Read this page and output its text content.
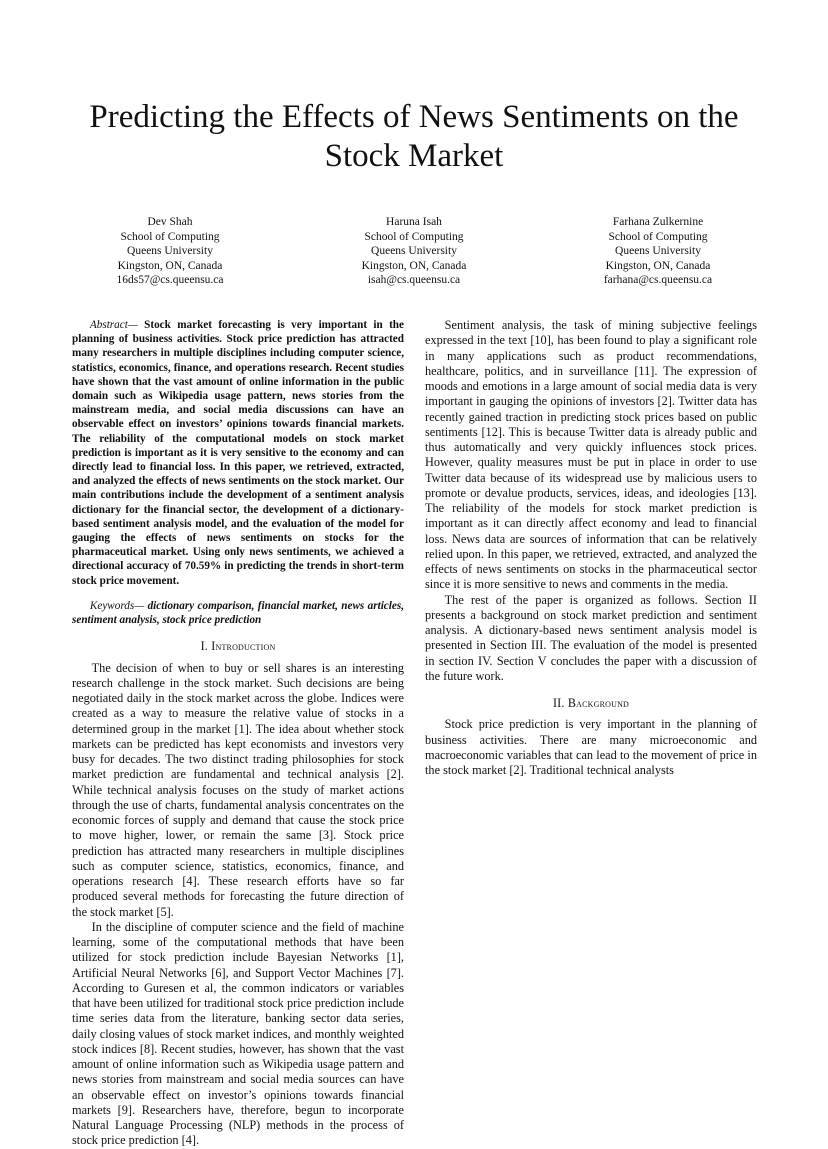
Predicting the Effects of News Sentiments on the Stock Market
Dev Shah
School of Computing
Queens University
Kingston, ON, Canada
16ds57@cs.queensu.ca
Haruna Isah
School of Computing
Queens University
Kingston, ON, Canada
isah@cs.queensu.ca
Farhana Zulkernine
School of Computing
Queens University
Kingston, ON, Canada
farhana@cs.queensu.ca

Abstract— Stock market forecasting is very important in the planning of business activities. Stock price prediction has attracted many researchers in multiple disciplines including computer science, statistics, economics, finance, and operations research. Recent studies have shown that the vast amount of online information in the public domain such as Wikipedia usage pattern, news stories from the mainstream media, and social media discussions can have an observable effect on investors’ opinions towards financial markets. The reliability of the computational models on stock market prediction is important as it is very sensitive to the economy and can directly lead to financial loss. In this paper, we retrieved, extracted, and analyzed the effects of news sentiments on the stock market. Our main contributions include the development of a sentiment analysis dictionary for the financial sector, the development of a dictionary-based sentiment analysis model, and the evaluation of the model for gauging the effects of news sentiments on stocks for the pharmaceutical market. Using only news sentiments, we achieved a directional accuracy of 70.59% in predicting the trends in short-term stock price movement.

Keywords— dictionary comparison, financial market, news articles, sentiment analysis, stock price prediction

I. Introduction

The decision of when to buy or sell shares is an interesting research challenge in the stock market. Such decisions are being negotiated daily in the stock market across the globe. Indices were created as a way to measure the relative value of stocks in a determined group in the market [1]. The idea about whether stock markets can be predicted has kept economists and investors very busy for decades. The two distinct trading philosophies for stock market prediction are fundamental and technical analysis [2]. While technical analysis focuses on the study of market actions through the use of charts, fundamental analysis concentrates on the economic forces of supply and demand that cause the stock price to move higher, lower, or remain the same [3]. Stock price prediction has attracted many researchers in multiple disciplines such as computer science, statistics, economics, finance, and operations research [4]. These research efforts have so far produced several methods for forecasting the future direction of the stock market [5].

In the discipline of computer science and the field of machine learning, some of the computational methods that have been utilized for stock prediction include Bayesian Networks [1], Artificial Neural Networks [6], and Support Vector Machines [7]. According to Guresen et al, the common indicators or variables that have been utilized for traditional stock price prediction include time series data from the literature, banking sector data series, daily closing values of stock market indices, and monthly weighted stock indices [8]. Recent studies, however, has shown that the vast amount of online information such as Wikipedia usage pattern and news stories from mainstream and social media sources can have an observable effect on investor’s opinions towards financial markets [9]. Researchers have, therefore, begun to incorporate Natural Language Processing (NLP) methods in the process of stock price prediction [4].

Sentiment analysis, the task of mining subjective feelings expressed in the text [10], has been found to play a significant role in many applications such as product recommendations, healthcare, politics, and in surveillance [11]. The expression of moods and emotions in a large amount of social media data is very important in gauging the opinions of investors [2]. Twitter data has recently gained traction in predicting stock prices based on public sentiments [12]. This is because Twitter data is already public and thus automatically and very quickly influences stock prices. However, quality measures must be put in place in order to use Twitter data because of its widespread use by malicious users to promote or devalue products, services, ideas, and ideologies [13]. The reliability of the models for stock market prediction is important as it can directly affect economy and lead to financial loss. News data are sources of information that can be relatively relied upon. In this paper, we retrieved, extracted, and analyzed the effects of news sentiments on stocks in the pharmaceutical sector since it is more sensitive to news and comments in the media.

The rest of the paper is organized as follows. Section II presents a background on stock market prediction and sentiment analysis. A dictionary-based news sentiment analysis model is presented in Section III. The evaluation of the model is presented in section IV. Section V concludes the paper with a discussion of the future work.

II. Background

Stock price prediction is very important in the planning of business activities. There are many microeconomic and macroeconomic variables that can lead to the movement of price in the stock market [2]. Traditional technical analysts
